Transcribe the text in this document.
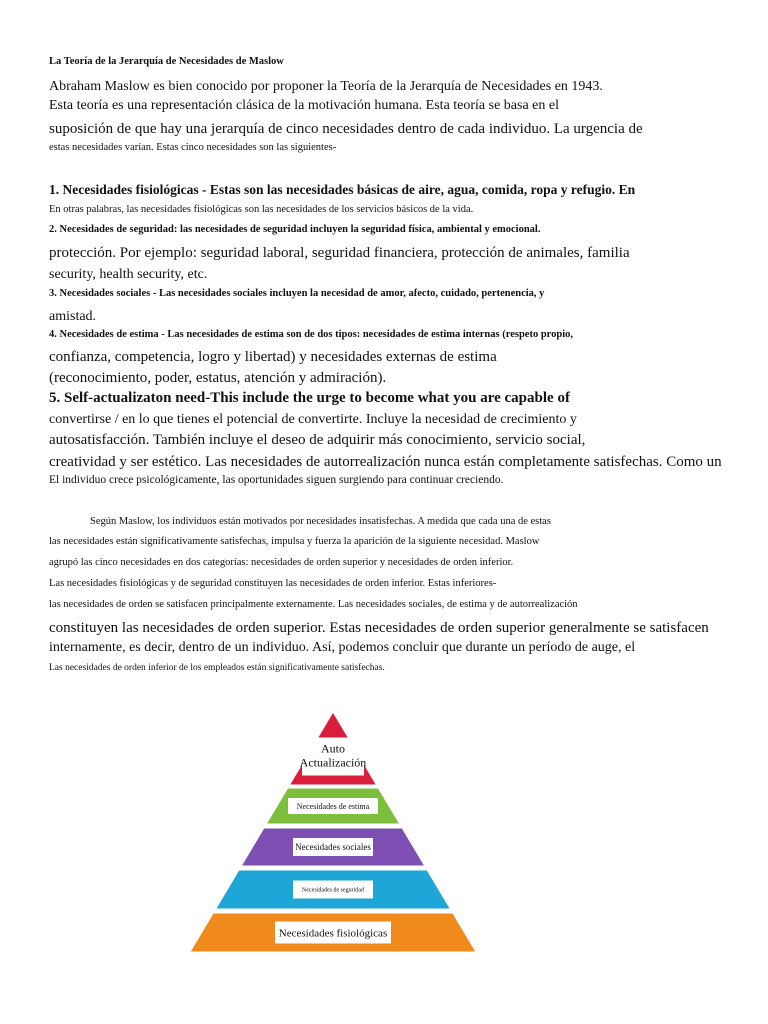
La Teoría de la Jerarquía de Necesidades de Maslow
Abraham Maslow es bien conocido por proponer la Teoría de la Jerarquía de Necesidades en 1943.
Esta teoría es una representación clásica de la motivación humana. Esta teoría se basa en el
suposición de que hay una jerarquía de cinco necesidades dentro de cada individuo. La urgencia de
estas necesidades varían. Estas cinco necesidades son las siguientes-
1. Necesidades fisiológicas - Estas son las necesidades básicas de aire, agua, comida, ropa y refugio. En
En otras palabras, las necesidades fisiológicas son las necesidades de los servicios básicos de la vida.
2. Necesidades de seguridad: las necesidades de seguridad incluyen la seguridad física, ambiental y emocional.
protección. Por ejemplo: seguridad laboral, seguridad financiera, protección de animales, familia
security, health security, etc.
3. Necesidades sociales - Las necesidades sociales incluyen la necesidad de amor, afecto, cuidado, pertenencia, y
amistad.
4. Necesidades de estima - Las necesidades de estima son de dos tipos: necesidades de estima internas (respeto propio,
confianza, competencia, logro y libertad) y necesidades externas de estima
(reconocimiento, poder, estatus, atención y admiración).
5. Self-actualizaton need-This include the urge to become what you are capable of
convertirse / en lo que tienes el potencial de convertirte. Incluye la necesidad de crecimiento y
autosatisfacción. También incluye el deseo de adquirir más conocimiento, servicio social,
creatividad y ser estético. Las necesidades de autorrealización nunca están completamente satisfechas. Como un
El individuo crece psicológicamente, las oportunidades siguen surgiendo para continuar creciendo.
Según Maslow, los individuos están motivados por necesidades insatisfechas. A medida que cada una de estas
las necesidades están significativamente satisfechas, impulsa y fuerza la aparición de la siguiente necesidad. Maslow
agrupó las cinco necesidades en dos categorías: necesidades de orden superior y necesidades de orden inferior.
Las necesidades fisiológicas y de seguridad constituyen las necesidades de orden inferior. Estas inferiores-
las necesidades de orden se satisfacen principalmente externamente. Las necesidades sociales, de estima y de autorrealización
constituyen las necesidades de orden superior. Estas necesidades de orden superior generalmente se satisfacen
internamente, es decir, dentro de un individuo. Así, podemos concluir que durante un período de auge, el
Las necesidades de orden inferior de los empleados están significativamente satisfechas.
Auto Actualización
Necesidades de estima
Necesidades sociales
Necesidades de seguridad
Necesidades fisiológicas
